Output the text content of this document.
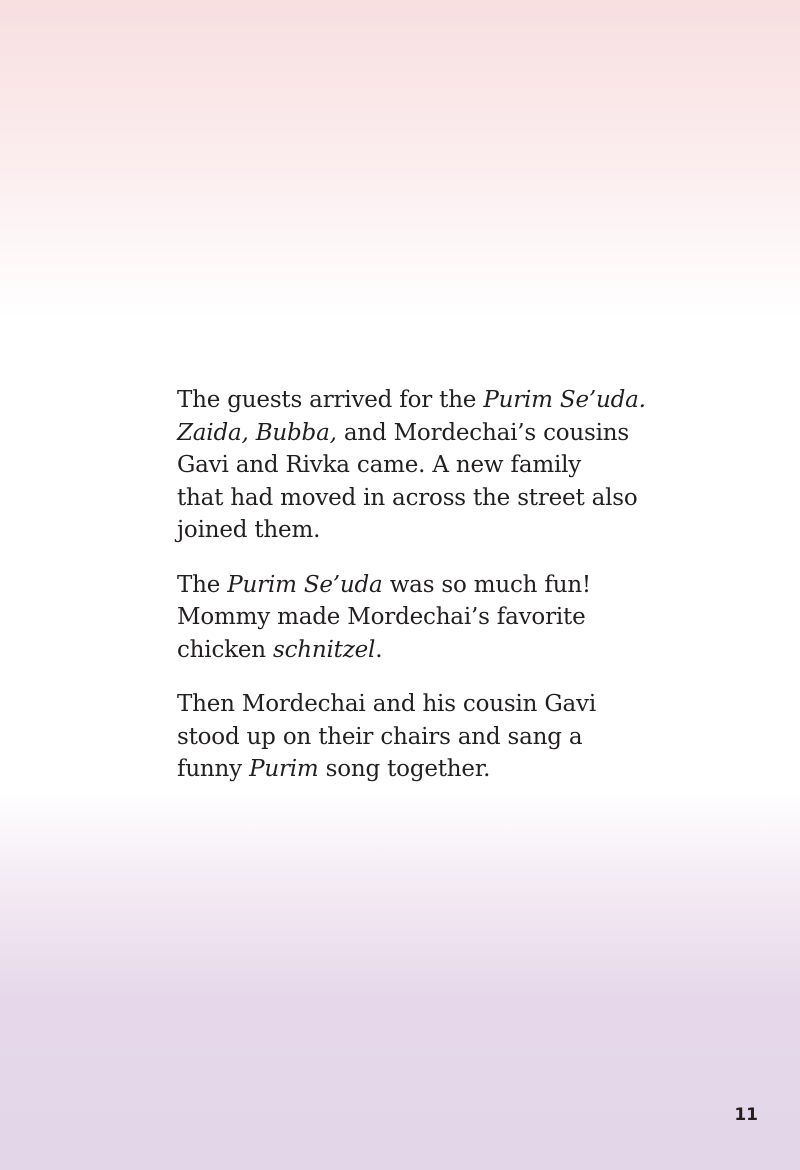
The guests arrived for the Purim Se’uda.
Zaida, Bubba, and Mordechai’s cousins
Gavi and Rivka came. A new family
that had moved in across the street also
joined them.

The Purim Se’uda was so much fun!
Mommy made Mordechai’s favorite
chicken schnitzel.

Then Mordechai and his cousin Gavi
stood up on their chairs and sang a
funny Purim song together.

11
